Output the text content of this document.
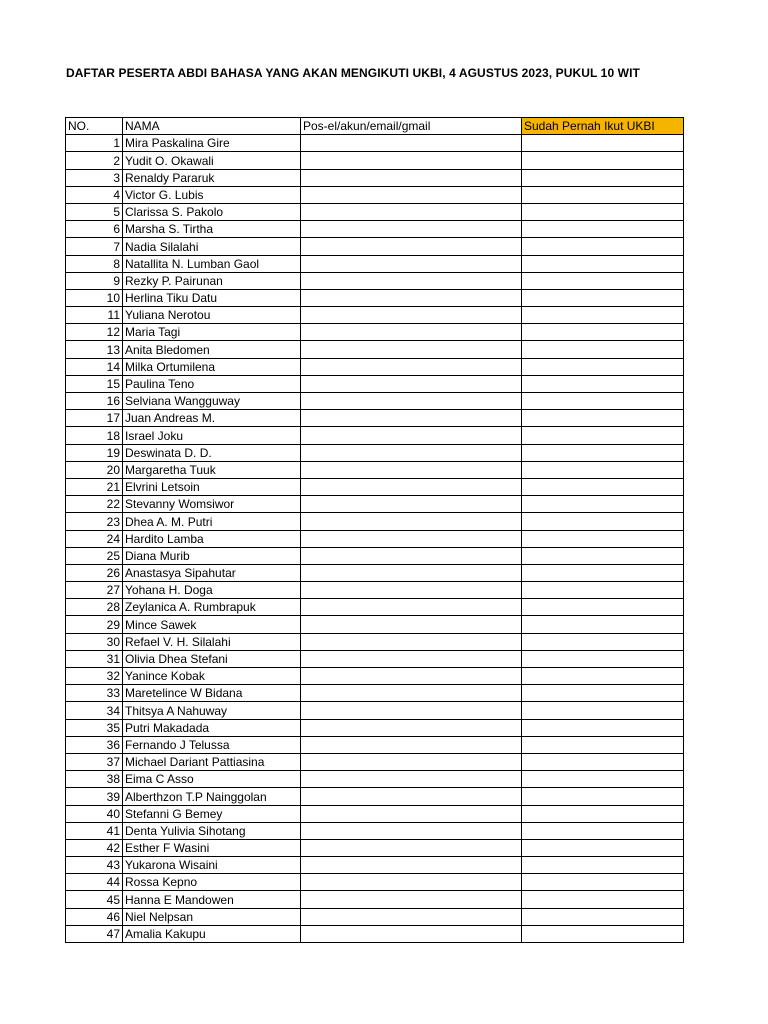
DAFTAR PESERTA ABDI BAHASA YANG AKAN MENGIKUTI UKBI, 4 AGUSTUS 2023, PUKUL 10 WIT
NO.	NAMA	Pos-el/akun/email/gmail	Sudah Pernah Ikut UKBI
1	Mira Paskalina Gire		
2	Yudit O. Okawali		
3	Renaldy Pararuk		
4	Victor G. Lubis		
5	Clarissa S. Pakolo		
6	Marsha S. Tirtha		
7	Nadia Silalahi		
8	Natallita N. Lumban Gaol		
9	Rezky P. Pairunan		
10	Herlina Tiku Datu		
11	Yuliana Nerotou		
12	Maria Tagi		
13	Anita Bledomen		
14	Milka Ortumilena		
15	Paulina Teno		
16	Selviana Wangguway		
17	Juan Andreas M.		
18	Israel Joku		
19	Deswinata D. D.		
20	Margaretha Tuuk		
21	Elvrini Letsoin		
22	Stevanny Womsiwor		
23	Dhea A. M. Putri		
24	Hardito Lamba		
25	Diana Murib		
26	Anastasya Sipahutar		
27	Yohana H. Doga		
28	Zeylanica A. Rumbrapuk		
29	Mince Sawek		
30	Refael V. H. Silalahi		
31	Olivia Dhea Stefani		
32	Yanince Kobak		
33	Maretelince W Bidana		
34	Thitsya A Nahuway		
35	Putri Makadada		
36	Fernando J Telussa		
37	Michael Dariant Pattiasina		
38	Eima C Asso		
39	Alberthzon T.P Nainggolan		
40	Stefanni G Bemey		
41	Denta Yulivia Sihotang		
42	Esther F Wasini		
43	Yukarona Wisaini		
44	Rossa Kepno		
45	Hanna E Mandowen		
46	Niel Nelpsan		
47	Amalia Kakupu		
